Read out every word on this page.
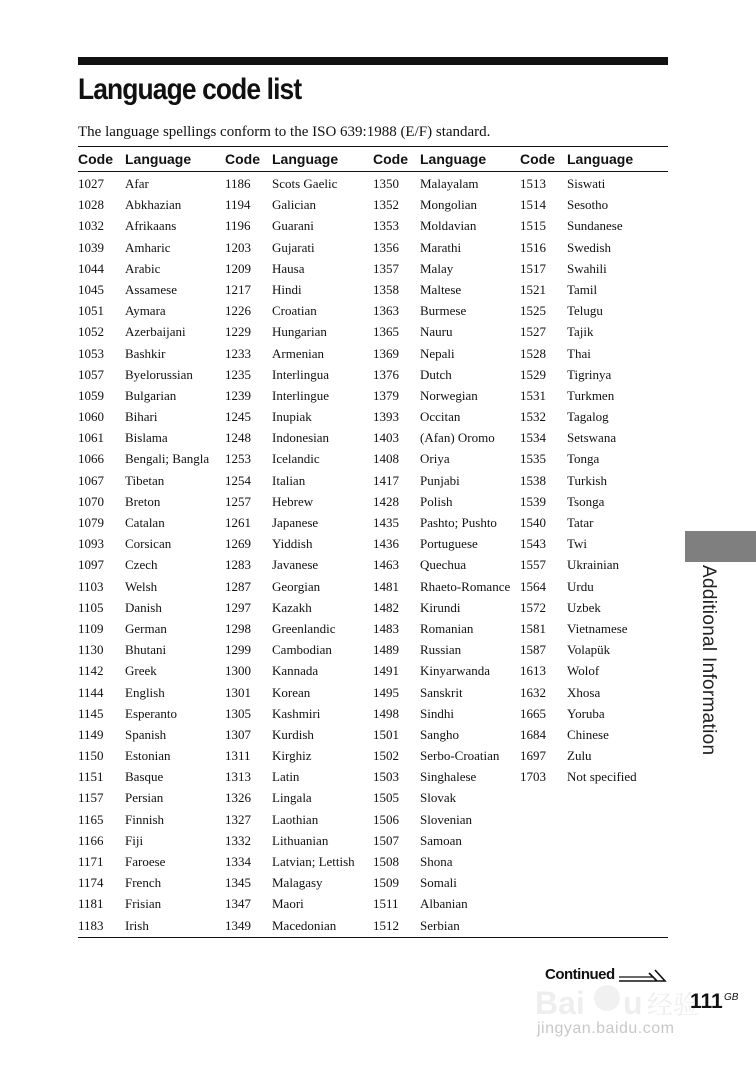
Language code list
The language spellings conform to the ISO 639:1988 (E/F) standard.
Code Language Code Language Code Language Code Language
1027 Afar
1028 Abkhazian
1032 Afrikaans
1039 Amharic
1044 Arabic
1045 Assamese
1051 Aymara
1052 Azerbaijani
1053 Bashkir
1057 Byelorussian
1059 Bulgarian
1060 Bihari
1061 Bislama
1066 Bengali; Bangla
1067 Tibetan
1070 Breton
1079 Catalan
1093 Corsican
1097 Czech
1103 Welsh
1105 Danish
1109 German
1130 Bhutani
1142 Greek
1144 English
1145 Esperanto
1149 Spanish
1150 Estonian
1151 Basque
1157 Persian
1165 Finnish
1166 Fiji
1171 Faroese
1174 French
1181 Frisian
1183 Irish
1186 Scots Gaelic
1194 Galician
1196 Guarani
1203 Gujarati
1209 Hausa
1217 Hindi
1226 Croatian
1229 Hungarian
1233 Armenian
1235 Interlingua
1239 Interlingue
1245 Inupiak
1248 Indonesian
1253 Icelandic
1254 Italian
1257 Hebrew
1261 Japanese
1269 Yiddish
1283 Javanese
1287 Georgian
1297 Kazakh
1298 Greenlandic
1299 Cambodian
1300 Kannada
1301 Korean
1305 Kashmiri
1307 Kurdish
1311 Kirghiz
1313 Latin
1326 Lingala
1327 Laothian
1332 Lithuanian
1334 Latvian; Lettish
1345 Malagasy
1347 Maori
1349 Macedonian
1350 Malayalam
1352 Mongolian
1353 Moldavian
1356 Marathi
1357 Malay
1358 Maltese
1363 Burmese
1365 Nauru
1369 Nepali
1376 Dutch
1379 Norwegian
1393 Occitan
1403 (Afan) Oromo
1408 Oriya
1417 Punjabi
1428 Polish
1435 Pashto; Pushto
1436 Portuguese
1463 Quechua
1481 Rhaeto-Romance
1482 Kirundi
1483 Romanian
1489 Russian
1491 Kinyarwanda
1495 Sanskrit
1498 Sindhi
1501 Sangho
1502 Serbo-Croatian
1503 Singhalese
1505 Slovak
1506 Slovenian
1507 Samoan
1508 Shona
1509 Somali
1511 Albanian
1512 Serbian
1513 Siswati
1514 Sesotho
1515 Sundanese
1516 Swedish
1517 Swahili
1521 Tamil
1525 Telugu
1527 Tajik
1528 Thai
1529 Tigrinya
1531 Turkmen
1532 Tagalog
1534 Setswana
1535 Tonga
1538 Turkish
1539 Tsonga
1540 Tatar
1543 Twi
1557 Ukrainian
1564 Urdu
1572 Uzbek
1581 Vietnamese
1587 Volapük
1613 Wolof
1632 Xhosa
1665 Yoruba
1684 Chinese
1697 Zulu
1703 Not specified
Additional Information
Continued
Bai u 经验
111 GB
jingyan.baidu.com
